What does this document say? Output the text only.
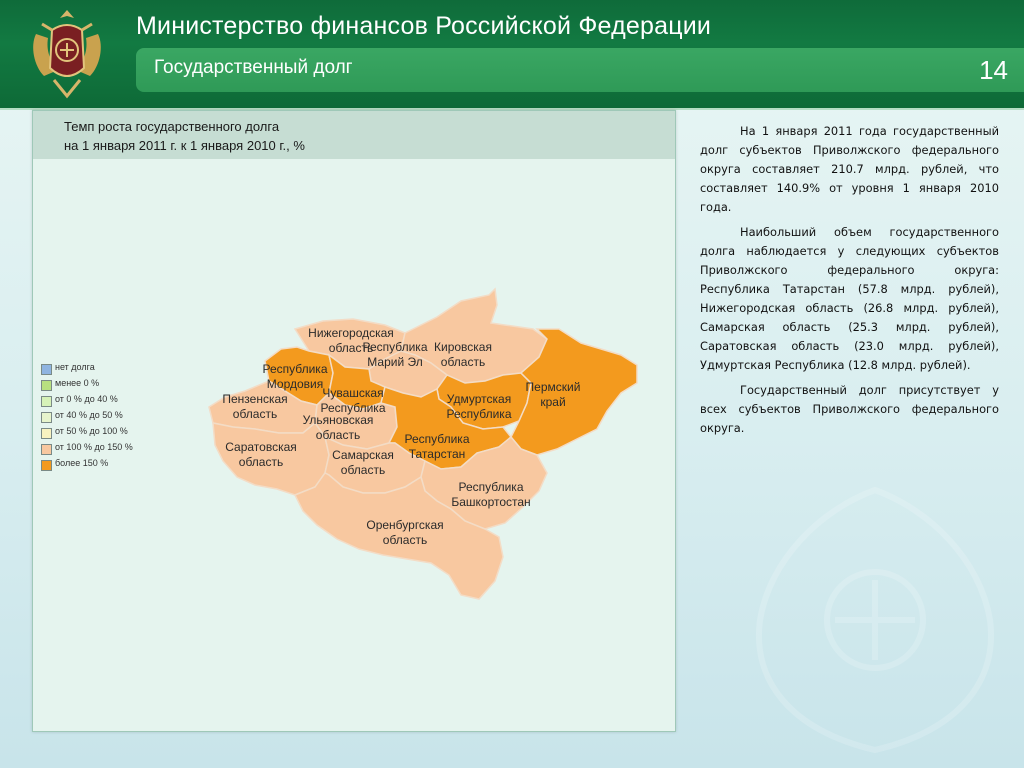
Министерство финансов Российской Федерации
Государственный долг	14
Темп роста государственного долга
на 1 января 2011 г. к 1 января 2010 г., %
нет долга
менее 0 %
от 0 % до 40 %
от 40 % до 50 %
от 50 % до 100 %
от 100 % до 150 %
более 150 %
Нижегородская область	Кировская область
Республика Марий Эл
Республика Мордовия
Чувашская Республика
Пензенская область	Ульяновская область
Удмуртская Республика
Пермский край
Республика Татарстан
Саратовская область	Самарская область
Республика Башкортостан
Оренбургская область

На 1 января 2011 года государственный долг субъектов Приволжского федерального округа составляет 210.7 млрд. рублей, что составляет 140.9% от уровня 1 января 2010 года.

Наибольший объем государственного долга наблюдается у следующих субъектов Приволжского федерального округа: Республика Татарстан (57.8 млрд. рублей), Нижегородская область (26.8 млрд. рублей), Самарская область (25.3 млрд. рублей), Саратовская область (23.0 млрд. рублей), Удмуртская Республика (12.8 млрд. рублей).

Государственный долг присутствует у всех субъектов Приволжского федерального округа.
